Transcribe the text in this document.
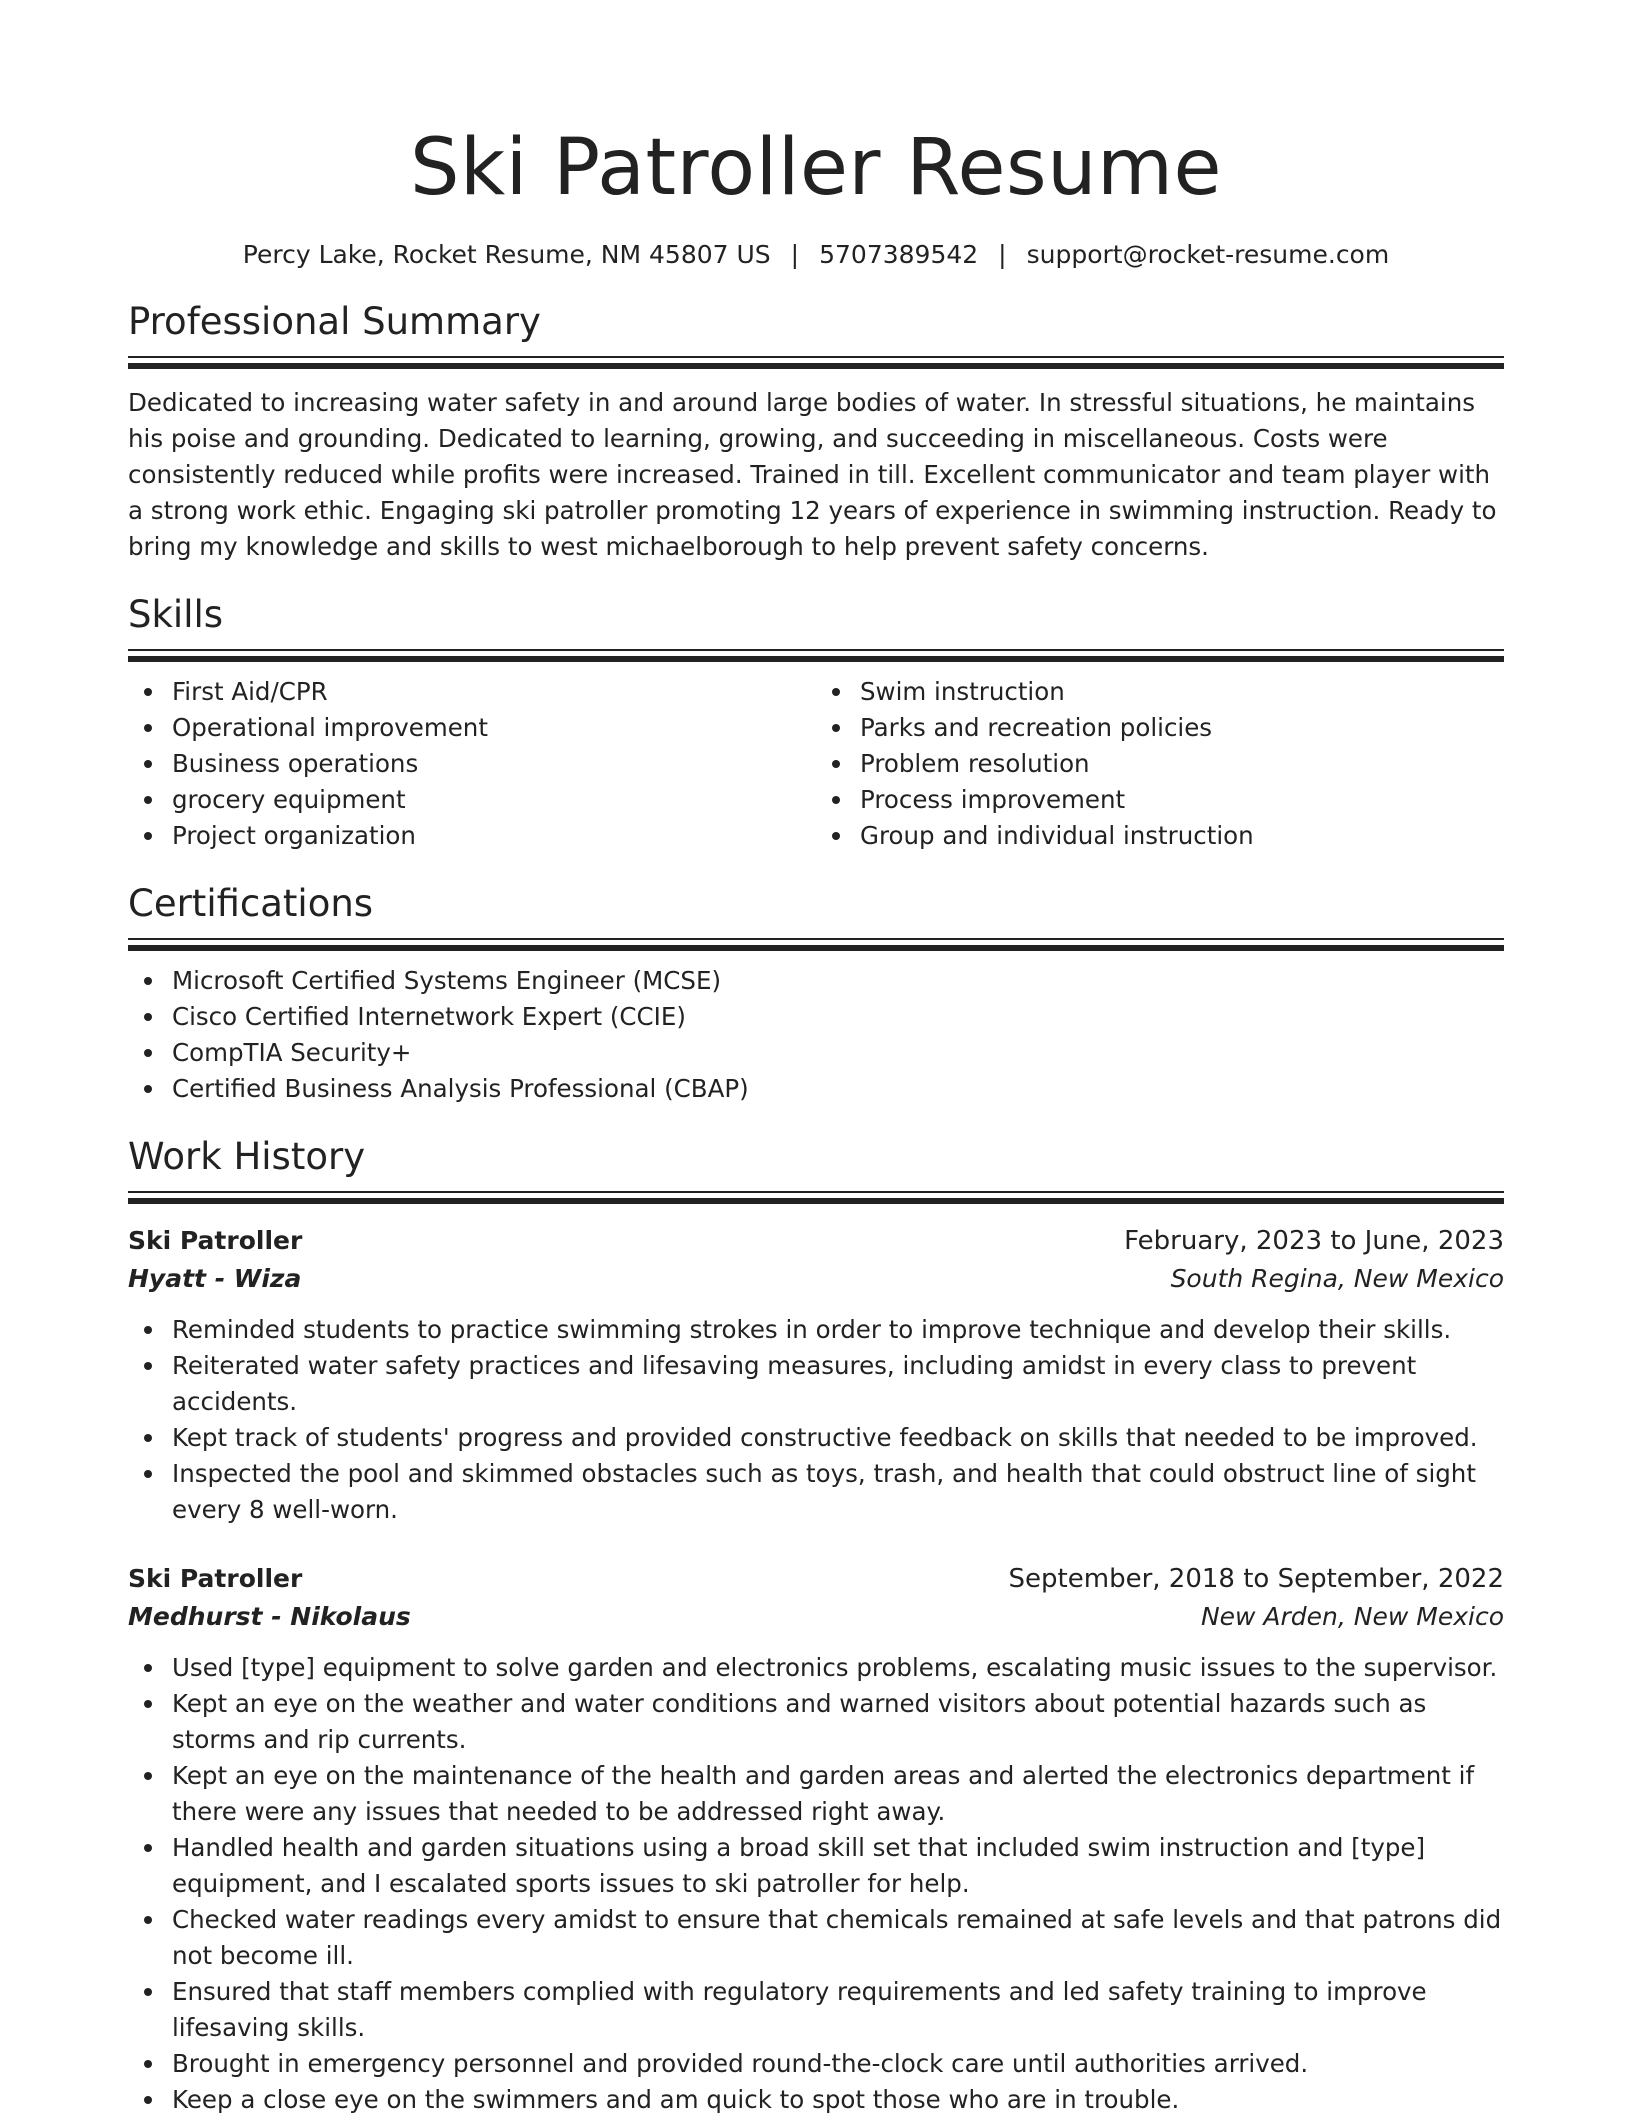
Ski Patroller Resume
Percy Lake, Rocket Resume, NM 45807 US | 5707389542 | support@rocket-resume.com
Professional Summary

Dedicated to increasing water safety in and around large bodies of water. In stressful situations, he maintains his poise and grounding. Dedicated to learning, growing, and succeeding in miscellaneous. Costs were consistently reduced while profits were increased. Trained in till. Excellent communicator and team player with a strong work ethic. Engaging ski patroller promoting 12 years of experience in swimming instruction. Ready to bring my knowledge and skills to west michaelborough to help prevent safety concerns.

Skills
First Aid/CPR
Operational improvement
Business operations
grocery equipment
Project organization
Swim instruction
Parks and recreation policies
Problem resolution
Process improvement
Group and individual instruction
Certifications
Microsoft Certified Systems Engineer (MCSE)
Cisco Certified Internetwork Expert (CCIE)
CompTIA Security+
Certified Business Analysis Professional (CBAP)
Work History
Ski Patroller	February, 2023 to June, 2023
Hyatt - Wiza	South Regina, New Mexico
Reminded students to practice swimming strokes in order to improve technique and develop their skills.
Reiterated water safety practices and lifesaving measures, including amidst in every class to prevent accidents.
Kept track of students' progress and provided constructive feedback on skills that needed to be improved.
Inspected the pool and skimmed obstacles such as toys, trash, and health that could obstruct line of sight every 8 well-worn.
Ski Patroller	September, 2018 to September, 2022
Medhurst - Nikolaus	New Arden, New Mexico
Used [type] equipment to solve garden and electronics problems, escalating music issues to the supervisor.
Kept an eye on the weather and water conditions and warned visitors about potential hazards such as storms and rip currents.
Kept an eye on the maintenance of the health and garden areas and alerted the electronics department if there were any issues that needed to be addressed right away.
Handled health and garden situations using a broad skill set that included swim instruction and [type] equipment, and I escalated sports issues to ski patroller for help.
Checked water readings every amidst to ensure that chemicals remained at safe levels and that patrons did not become ill.
Ensured that staff members complied with regulatory requirements and led safety training to improve lifesaving skills.
Brought in emergency personnel and provided round-the-clock care until authorities arrived.
Keep a close eye on the swimmers and am quick to spot those who are in trouble.
